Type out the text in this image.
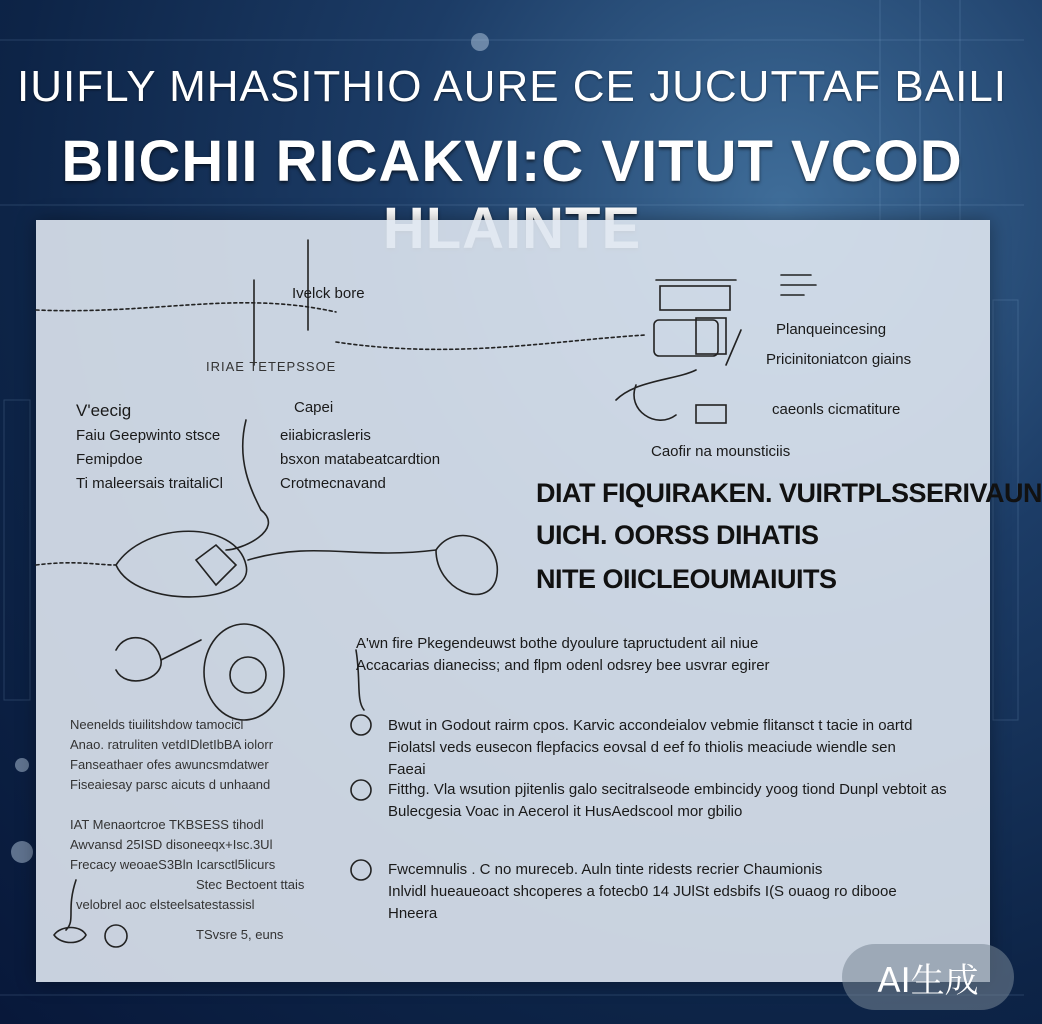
IUIFLY MHASITHIO AURE CE JUCUTTAF BAILI
BIICHII RICAKVI:C VITUT VCOD
Ivelck bore
IRIAE TETEPSSOE
V'eecig
Faiu Geepwinto stsce
Femipdoe
Ti maleersais traitaliCl
Capei
eiiabicrasleris
bsxon matabeatcardtion
Crotmecnavand
Planqueincesing
Pricinitoniatcon giains
caeonls cicmatiture
Caofir na mounsticiis
DIAT FIQUIRAKEN. VUIRTPLSSERIVAUN
UICH. OORSS DIHATIS
NITE OIICLEOUMAIUITS
A'wn fire Pkegendeuwst bothe dyoulure tapructudent ail niue
Accacarias dianeciss; and flpm odenl odsrey bee usvrar egirer
Bwut in Godout rairm cpos. Karvic accondeialov vebmie flitansct t tacie in oartd
Fiolatsl veds eusecon flepfacics eovsal d eef fo thiolis meaciude wiendle sen
Faeai
Fitthg. Vla wsution pjitenlis galo secitralseode embincidy yoog tiond Dunpl vebtoit as
Bulecgesia Voac in Aecerol it HusAedscool mor gbilio
Fwcemnulis . C no mureceb. Auln tinte ridests recrier Chaumionis
Inlvidl hueaueoact shcoperes a fotecb0 14 JUlSt edsbifs I(S ouaog ro dibooe
Hneera
Neenelds tiuilitshdow tamocicl
Anao. ratruliten vetdIDletIbBA iolorr
Fanseathaer ofes awuncsmdatwer
Fiseaiesay parsc aicuts d unhaand
IAT Menaortcroe TKBSESS tihodl
Awvansd 25ISD disoneeqx+Isc.3Ul
Frecacy weoaeS3Bln Icarsctl5licurs
Stec Bectoent ttais
velobrel aoc elsteelsatestassisl
TSvsre 5, euns
AI生成
